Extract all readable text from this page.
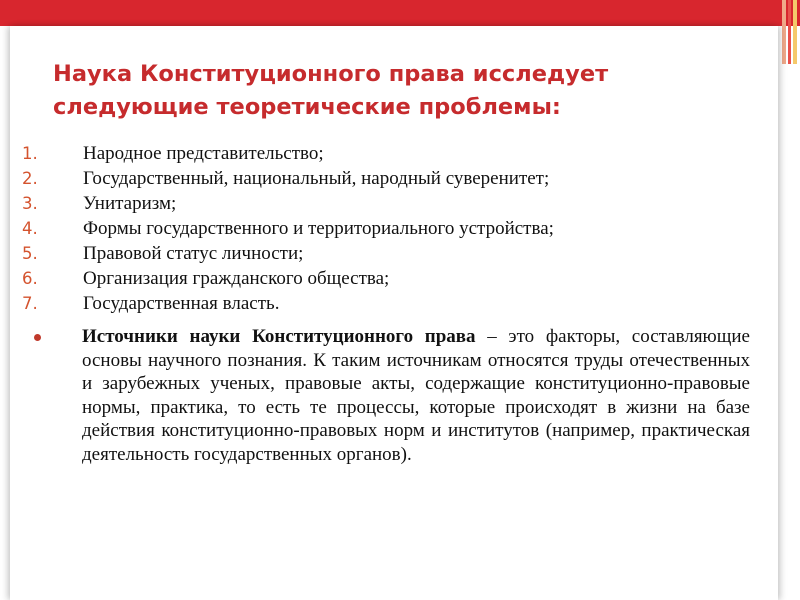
Наука Конституционного права исследует следующие теоретические проблемы:
1.	Народное представительство;
2.	Государственный, национальный, народный суверенитет;
3.	Унитаризм;
4.	Формы государственного и территориального устройства;
5.	Правовой статус личности;
6.	Организация гражданского общества;
7.	Государственная власть.

Источники науки Конституционного права – это факторы, составляющие основы научного познания. К таким источникам относятся труды отечественных и зарубежных ученых, правовые акты, содержащие конституционно-правовые нормы, практика, то есть те процессы, которые происходят в жизни на базе действия конституционно-правовых норм и институтов (например, практическая деятельность государственных органов).
